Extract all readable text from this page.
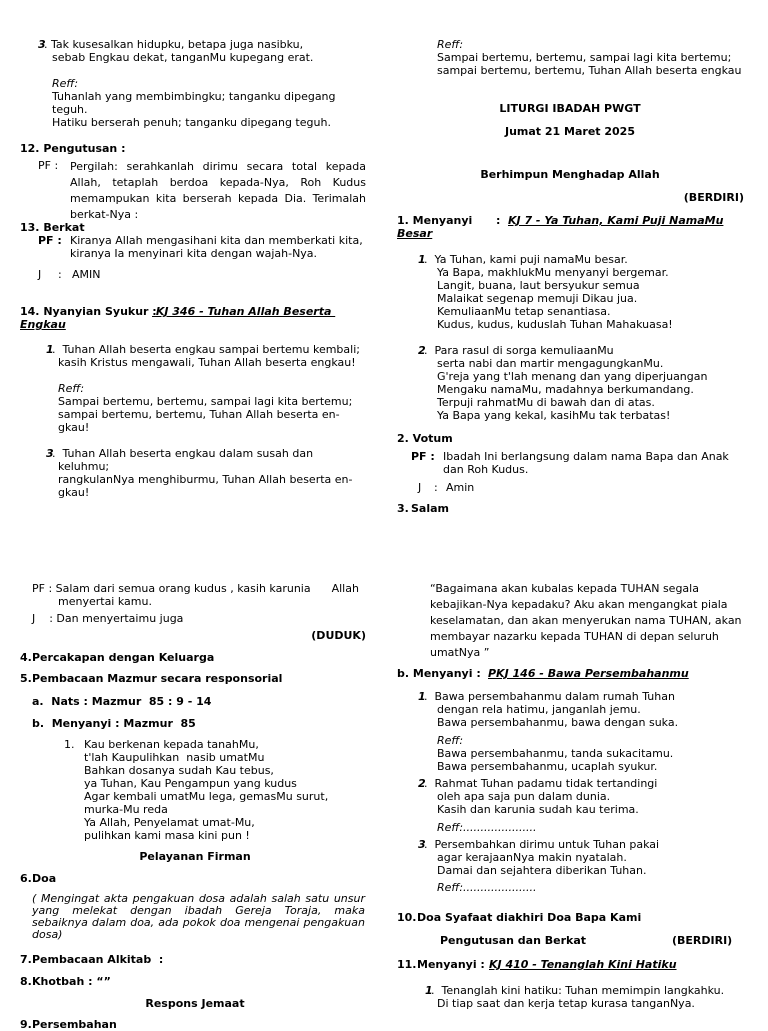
3
. Tak kusesalkan hidupku, betapa juga nasibku,
sebab Engkau dekat, tanganMu kupegang erat.
Reff:
Tuhanlah yang membimbingku; tanganku dipegang
teguh.
Hatiku berserah penuh; tanganku dipegang teguh.
12. Pengutusan :
PF : Pergilah: serahkanlah dirimu secara total kepada Allah, tetaplah berdoa kepada-Nya, Roh Kudus memampukan kita berserah kepada Dia. Terimalah berkat-Nya :
13. Berkat
PF : Kiranya Allah mengasihani kita dan memberkati kita,
kiranya Ia menyinari kita dengan wajah-Nya.
J : AMIN
14. Nyanyian Syukur :
KJ 346 - Tuhan Allah Beserta
Engkau
1
.  Tuhan Allah beserta engkau sampai bertemu kembali;
kasih Kristus mengawali, Tuhan Allah beserta engkau!
Reff:
Sampai bertemu, bertemu, sampai lagi kita bertemu;
sampai bertemu, bertemu, Tuhan Allah beserta en-
gkau!
3
.  Tuhan Allah beserta engkau dalam susah dan
keluhmu;
rangkulanNya menghiburmu, Tuhan Allah beserta en-
gkau!
Reff:
Sampai bertemu, bertemu, sampai lagi kita bertemu;
sampai bertemu, bertemu, Tuhan Allah beserta engkau
LITURGI IBADAH PWGT
Jumat 21 Maret 2025
Berhimpun Menghadap Allah
(BERDIRI)
1. Menyanyi : KJ 7 - Ya Tuhan, Kami Puji NamaMu
Besar
1
.  Ya Tuhan, kami puji namaMu besar.
Ya Bapa, makhlukMu menyanyi bergemar.
Langit, buana, laut bersyukur semua
Malaikat segenap memuji Dikau jua.
KemuliaanMu tetap senantiasa.
Kudus, kudus, kuduslah Tuhan Mahakuasa!
2
.  Para rasul di sorga kemuliaanMu
serta nabi dan martir mengagungkanMu.
G'reja yang t'lah menang dan yang diperjuangan
Mengaku namaMu, madahnya berkumandang.
Terpuji rahmatMu di bawah dan di atas.
Ya Bapa yang kekal, kasihMu tak terbatas!
2. Votum
PF : Ibadah Ini berlangsung dalam nama Bapa dan Anak
dan Roh Kudus.
J : Amin
3. Salam
PF : Salam dari semua orang kudus , kasih karunia      Allah
menyertai kamu.
J    : Dan menyertaimu juga
(DUDUK)
4. Percakapan dengan Keluarga
5. Pembacaan Mazmur secara responsorial
a.  Nats : Mazmur  85 : 9 - 14
b.  Menyanyi : Mazmur  85
1. Kau berkenan kepada tanahMu,
t'lah Kaupulihkan  nasib umatMu
Bahkan dosanya sudah Kau tebus,
ya Tuhan, Kau Pengampun yang kudus
Agar kembali umatMu lega, gemasMu surut,
murka-Mu reda
Ya Allah, Penyelamat umat-Mu,
pulihkan kami masa kini pun !
Pelayanan Firman
6. Doa
( Mengingat akta pengakuan dosa adalah salah satu unsur yang melekat dengan ibadah Gereja Toraja, maka sebaiknya dalam doa, ada pokok doa mengenai pengakuan dosa)
7. Pembacaan Alkitab  :
8. Khotbah : “”
Respons Jemaat
9. Persembahan
“Bagaimana akan kubalas kepada TUHAN segala
kebajikan-Nya kepadaku? Aku akan mengangkat piala
keselamatan, dan akan menyerukan nama TUHAN, akan
membayar nazarku kepada TUHAN di depan seluruh
umatNya ”
b. Menyanyi : PKJ 146 - Bawa Persembahanmu
1
.  Bawa persembahanmu dalam rumah Tuhan
dengan rela hatimu, janganlah jemu.
Bawa persembahanmu, bawa dengan suka.
Reff:
Bawa persembahanmu, tanda sukacitamu.
Bawa persembahanmu, ucaplah syukur.
2
.  Rahmat Tuhan padamu tidak tertandingi
oleh apa saja pun dalam dunia.
Kasih dan karunia sudah kau terima.
Reff:.....................
3
.  Persembahkan dirimu untuk Tuhan pakai
agar kerajaanNya makin nyatalah.
Damai dan sejahtera diberikan Tuhan.
Reff:.....................
10. Doa Syafaat diakhiri Doa Bapa Kami
Pengutusan dan Berkat	(BERDIRI)
11. Menyanyi : KJ 410 - Tenanglah Kini Hatiku
1
.  Tenanglah kini hatiku: Tuhan memimpin langkahku.
Di tiap saat dan kerja tetap kurasa tanganNya.
